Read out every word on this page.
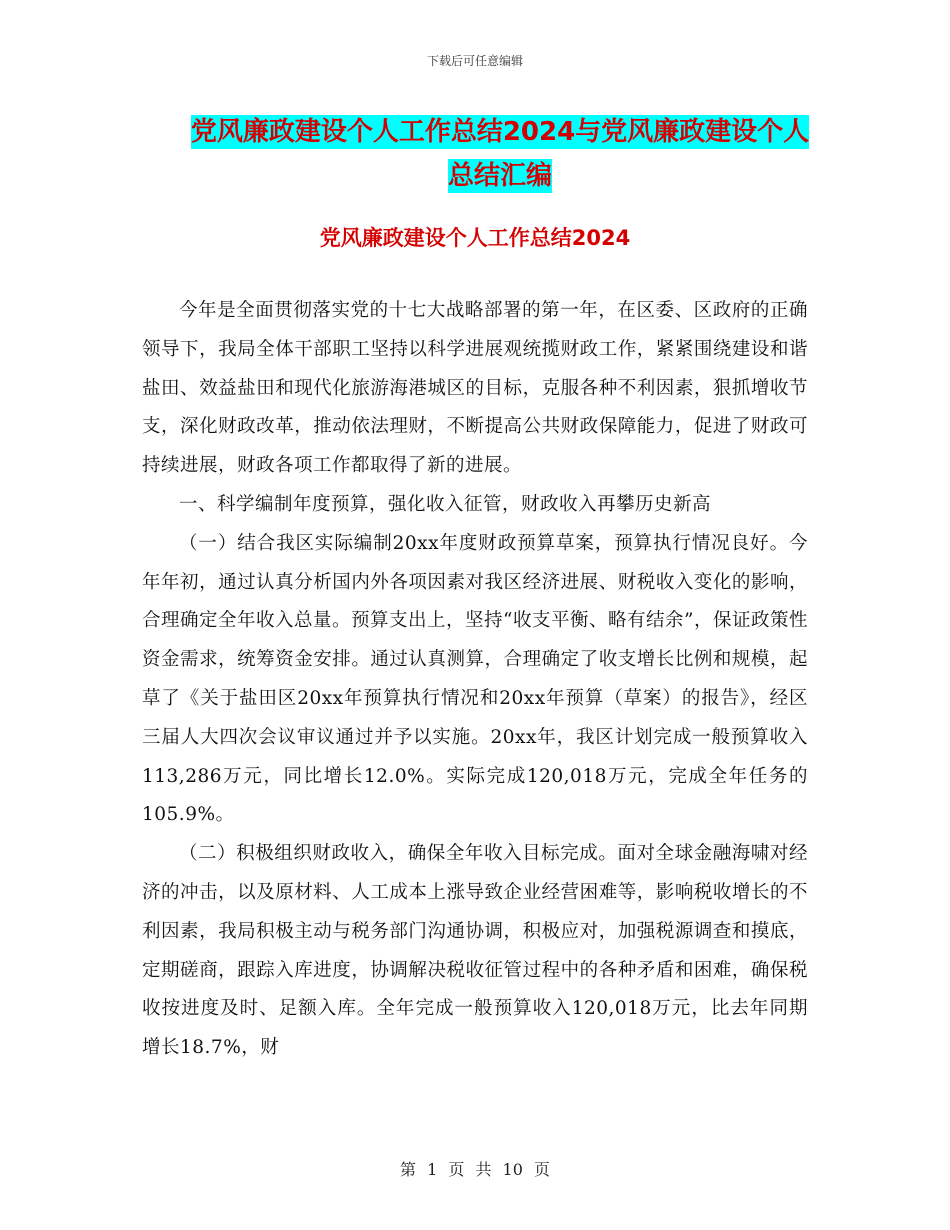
下载后可任意编辑
党风廉政建设个人工作总结2024与党风廉政建设个人
总结汇编
党风廉政建设个人工作总结2024

今年是全面贯彻落实党的十七大战略部署的第一年，在区委、区政府的正确领导下，我局全体干部职工坚持以科学进展观统揽财政工作，紧紧围绕建设和谐盐田、效益盐田和现代化旅游海港城区的目标，克服各种不利因素，狠抓增收节支，深化财政改革，推动依法理财，不断提高公共财政保障能力，促进了财政可持续进展，财政各项工作都取得了新的进展。

一、科学编制年度预算，强化收入征管，财政收入再攀历史新高

（一）结合我区实际编制20xx年度财政预算草案，预算执行情况良好。今年年初，通过认真分析国内外各项因素对我区经济进展、财税收入变化的影响，合理确定全年收入总量。预算支出上，坚持“收支平衡、略有结余”，保证政策性资金需求，统筹资金安排。通过认真测算，合理确定了收支增长比例和规模，起草了《关于盐田区20xx年预算执行情况和20xx年预算（草案）的报告》，经区三届人大四次会议审议通过并予以实施。20xx年，我区计划完成一般预算收入113,286万元，同比增长12.0%。实际完成120,018万元，完成全年任务的105.9%。

（二）积极组织财政收入，确保全年收入目标完成。面对全球金融海啸对经济的冲击，以及原材料、人工成本上涨导致企业经营困难等，影响税收增长的不利因素，我局积极主动与税务部门沟通协调，积极应对，加强税源调查和摸底，定期磋商，跟踪入库进度，协调解决税收征管过程中的各种矛盾和困难，确保税收按进度及时、足额入库。全年完成一般预算收入120,018万元，比去年同期增长18.7%，财

第 1 页 共 10 页
